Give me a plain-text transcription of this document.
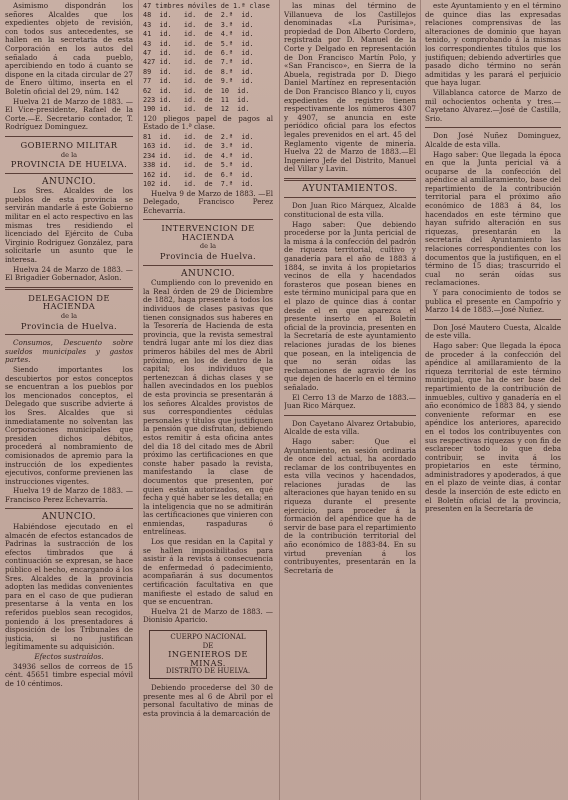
Asimismo dispondrán los señores Alcaldes que los expedientes objeto de revisión, con todos sus antecedentes, se hallen en la secretaria de esta Corporación en los autos del señalado á cada pueblo, apercibiendo en todo á cuanto se dispone en la citada circular de 27 de Enero último, inserta en el Boletín oficial del 29, núm. 142

Huelva 21 de Marzo de 1883. —El Vice-presidente, Rafael de la Corte.—E. Secretario contador, T. Rodríguez Dominguez.

GOBIERNO MILITAR

de la

PROVINCIA DE HUELVA.

ANUNCIO.

Los Sres. Alcaldes de los pueblos de esta provincia se servirán mandarle á este Gobierno militar en el acto respectivo en las mismas tres residiendo el licenciado del Ejército de Cuba Virginio Rodriguez González, para solicitarle un asunto que le interesa.

Huelva 24 de Marzo de 1883. —El Brigadier Gobernador, Aslon.

DELEGACION DE HACIENDA

de la

Provincia de Huelva.

Consumos, Descuento sobre sueldos municipales y gastos partes.

Siendo importantes los descubiertos por estos conceptos se encuentran a los pueblos por los mencionados conceptos, el Delegado que suscribe advierte á los Sres. Alcaldes que si inmediatamente no solventan las Corporaciones municipales que presiden dichos débitos, procederá al nombramiento de comisionados de apremio para la instrucción de los expedientes ejecutivos, conforme previenen las instrucciones vigentes.

Huelva 19 de Marzo de 1883. —Francisco Perez Echevarría.

ANUNCIO.

Habiéndose ejecutado en el almacén de efectos estancados de Padrinas la sustracción de los efectos timbrados que á continuación se expresan, se hace público el hecho, encargando á los Sres. Alcaldes de la provincia adopten las medidas convenientes para en el caso de que pudieran presentarse á la venta en los referidos pueblos sean recogidos, poniendo á los presentadores á disposición de los Tribunales de justicia, si no justifican legítimamente su adquisición.

Efectos sustraídos.

34936 sellos de correos de 15 cént. 45651 timbre especial móvil de 10 céntimos.

47 timbres móviles de 1.ª clase

48  id.   id.  de  2.ª  id.

43  id.   id.  de  3.ª  id.

41  id.   id.  de  4.ª  id.

43  id.   id.  de  5.ª  id.

47  id.   id.  de  6.ª  id.

427 id.   id.  de  7.ª  id.

89  id.   id.  de  8.ª  id.

77  id.   id.  de  9.ª  id.

62  id.   id.  de  10  id.

223 id.   id.  de  11  id.

190 id.   id.  de  12  id.

120 pliegos papel de pagos al Estado de 1.ª clase.

81  id.   id.  de  2.ª  id.

163 id.   id.  de  3.ª  id.

234 id.   id.  de  4.ª  id.

338 id.   id.  de  5.ª  id.

162 id.   id.  de  6.ª  id.

102 id.   id.  de  7.ª  id.

Huelva 9 de Marzo de 1883. —El Delegado, Francisco Perez Echevarría.

INTERVENCION DE HACIENDA

de la

Provincia de Huelva.

ANUNCIO.

Cumpliendo con lo prevenido en la Real órden de 29 de Diciembre de 1882, haga presente á todos los individuos de clases pasivas que tienen consignados sus haberes en la Tesorería de Hacienda de esta provincia, que la revista semestral tendrá lugar ante mí los diez dias primeros hábiles del mes de Abril próximo, en los de dentro de la capital; los individuos que pertenezcan á dichas clases y se hallen avecindados en los pueblos de esta provincia se presentarán á los señores Alcaldes provistos de sus correspondientes cédulas personales y títulos que justifiquen la pensión que disfrutan, debiendo estos remitir á esta oficina antes del dia 18 del citado mes de Abril próximo las certificaciones en que conste haber pasado la revista, manifestando la clase de documentos que presenten, por quien están autorizados, en qué fecha y qué haber se les detalla; en la inteligencia que no se admitirán las certificaciones que vinieren con enmiendas, raspaduras ó entrelíneas.

Los que residan en la Capital y se hallen imposibilitados para asistir á la revista á consecuencia de enfermedad ó padecimiento, acompañarán á sus documentos certificación facultativa en que manifieste el estado de salud en que se encuentran.

Huelva 21 de Marzo de 1883. —Dionisio Aparicio.

CUERPO NACIONAL
DE
INGENIEROS DE MINAS.
DISTRITO DE HUELVA.

Debiendo procederse del 30 de presente mes al 6 de Abril por el personal facultativo de minas de esta provincia á la demarcación de

las minas del término de Villanueva de los Castillejos denominadas «La Purísima», propiedad de Don Alberto Cordero, registrada por D. Manuel de la Corte y Delgado en representación de Don Francisco Martín Polo, y «San Francisco», en Sierra de la Abuela, registrada por D. Diego Daniel Martínez en representación de Don Francisco Blanco y li, cuyos expedientes de registro tienen respectivamente los números 4307 y 4907, se anuncia en este periódico oficial para los efectos legales prevenidos en el art. 45 del Reglamento vigente de minería. Huelva 22 de Marzo de 1883.—El Ingeniero Jefe del Distrito, Manuel del Villar y Lavin.

AYUNTAMIENTOS.

Don Juan Rico Márquez, Alcalde constitucional de esta villa.

Hago saber: Que debiendo procederse por la Junta pericial de la misma á la confección del padrón de riqueza territorial, cultivo y ganadería para el año de 1883 á 1884, se invita á los propietarios vecinos de ella y hacendados forasteros que posean bienes en este término municipal para que en el plazo de quince dias á contar desde el en que aparezca el presente inserto en el Boletín oficial de la provincia, presenten en la Secretaría de este ayuntamiento relaciones juradas de los bienes que posean, en la inteligencia de que no serán oídas las reclamaciones de agravio de los que dejen de hacerlo en el término señalado.

El Cerro 13 de Marzo de 1883.—Juan Rico Márquez.

Don Cayetano Alvarez Ortabubio, Alcalde de esta villa.

Hago saber: Que el Ayuntamiento, en sesión ordinaria de once del actual, ha acordado reclamar de los contribuyentes en esta villa vecinos y hacendados, relaciones juradas de las alteraciones que hayan tenido en su riqueza durante el presente ejercicio, para proceder á la formación del apéndice que ha de servir de base para el repartimiento de la contribución territorial del año económico de 1883-84. En su virtud prevenían á los contribuyentes, presentarán en la Secretaría de

este Ayuntamiento y en el término de quince dias las expresadas relaciones comprensivas de las alteraciones de dominio que hayan tenido, y comprobando á la mismas los correspondientes títulos que los justifiquen; debiendo advertirles que pasado dicho término no serán admitidas y les parará el perjuicio que haya lugar.

Villablanca catorce de Marzo de mil ochocientos ochenta y tres.—Cayetano Alvarez.—José de Castilla, Srio.

Don José Nuñez Dominguez, Alcalde de esta villa.

Hago saber: Que llegada la época en que la Junta pericial vá á ocuparse de la confección del apéndice al amillaramiento, base del repartimiento de la contribución territorial para el próximo año económico de 1883 á 84, los hacendados en este término que hayan sufrido alteración en sus riquezas, presentarán en la secretaría del Ayuntamiento las relaciones correspondientes con los documentos que la justifiquen, en el término de 15 dias; trascurrido el cual no serán oídas sus reclamaciones.

Y para conocimiento de todos se publica el presente en Campofrio y Marzo 14 de 1883.—José Nuñez.

Don José Mautero Cuesta, Alcalde de este villa.

Hago saber: Que llegada la época de proceder á la confección del apéndice al amillaramiento de la riqueza territorial de este término municipal, que ha de ser base del repartimiento de la contribución de inmuebles, cultivo y ganadería en el año económico de 1883 84, y siendo conveniente reformar en ese apéndice los anteriores, aparecido en el todos los contribuyentes con sus respectivas riquezas y con fin de esclarecer todo lo que deba contribuir, se invita á los propietarios en este término, administradores y apoderados, á que en el plazo de veinte dias, á contar desde la inserción de este edicto en el Boletín oficial de la provincia, presenten en la Secretaría de
